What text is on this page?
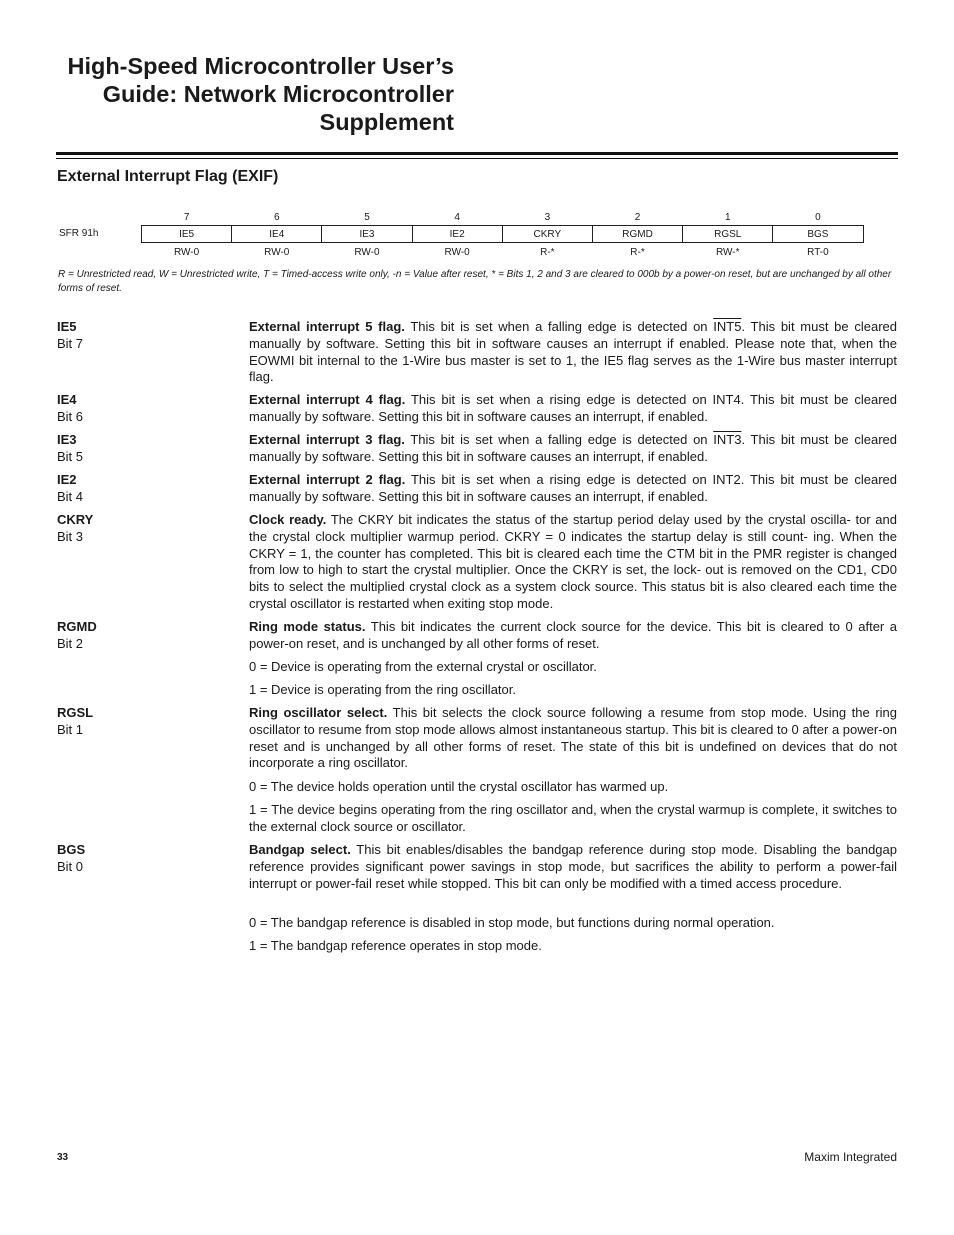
High-Speed Microcontroller User’s
Guide: Network Microcontroller
Supplement
External Interrupt Flag (EXIF)
SFR 91h
7	6	5	4	3	2	1	0
IE5	IE4	IE3	IE2	CKRY	RGMD	RGSL	BGS
RW-0	RW-0	RW-0	RW-0	R-*	R-*	RW-*	RT-0

R = Unrestricted read, W = Unrestricted write, T = Timed-access write only, -n = Value after reset, * = Bits 1, 2 and 3 are cleared to 000b by a power-on reset, but are unchanged by all other forms of reset.

IE5
Bit 7

External interrupt 5 flag. This bit is set when a falling edge is detected on INT5. This bit must be cleared manually by software. Setting this bit in software causes an interrupt if enabled. Please note that, when the EOWMI bit internal to the 1-Wire bus master is set to 1, the IE5 flag serves as the 1-Wire bus master interrupt flag.

IE4
Bit 6

External interrupt 4 flag. This bit is set when a rising edge is detected on INT4. This bit must be cleared manually by software. Setting this bit in software causes an interrupt, if enabled.

IE3
Bit 5

External interrupt 3 flag. This bit is set when a falling edge is detected on INT3. This bit must be cleared manually by software. Setting this bit in software causes an interrupt, if enabled.

IE2
Bit 4

External interrupt 2 flag. This bit is set when a rising edge is detected on INT2. This bit must be cleared manually by software. Setting this bit in software causes an interrupt, if enabled.

CKRY
Bit 3

Clock ready. The CKRY bit indicates the status of the startup period delay used by the crystal oscilla- tor and the crystal clock multiplier warmup period. CKRY = 0 indicates the startup delay is still count- ing. When the CKRY = 1, the counter has completed. This bit is cleared each time the CTM bit in the PMR register is changed from low to high to start the crystal multiplier. Once the CKRY is set, the lock- out is removed on the CD1, CD0 bits to select the multiplied crystal clock as a system clock source. This status bit is also cleared each time the crystal oscillator is restarted when exiting stop mode.

RGMD
Bit 2

Ring mode status. This bit indicates the current clock source for the device. This bit is cleared to 0 after a power-on reset, and is unchanged by all other forms of reset.

0 = Device is operating from the external crystal or oscillator.

1 = Device is operating from the ring oscillator.

RGSL
Bit 1

Ring oscillator select. This bit selects the clock source following a resume from stop mode. Using the ring oscillator to resume from stop mode allows almost instantaneous startup. This bit is cleared to 0 after a power-on reset and is unchanged by all other forms of reset. The state of this bit is undefined on devices that do not incorporate a ring oscillator.

0 = The device holds operation until the crystal oscillator has warmed up.

1 = The device begins operating from the ring oscillator and, when the crystal warmup is complete, it switches to the external clock source or oscillator.

BGS
Bit 0

Bandgap select. This bit enables/disables the bandgap reference during stop mode. Disabling the bandgap reference provides significant power savings in stop mode, but sacrifices the ability to perform a power-fail interrupt or power-fail reset while stopped. This bit can only be modified with a timed access procedure.

0 = The bandgap reference is disabled in stop mode, but functions during normal operation.

1 = The bandgap reference operates in stop mode.

33	Maxim Integrated
